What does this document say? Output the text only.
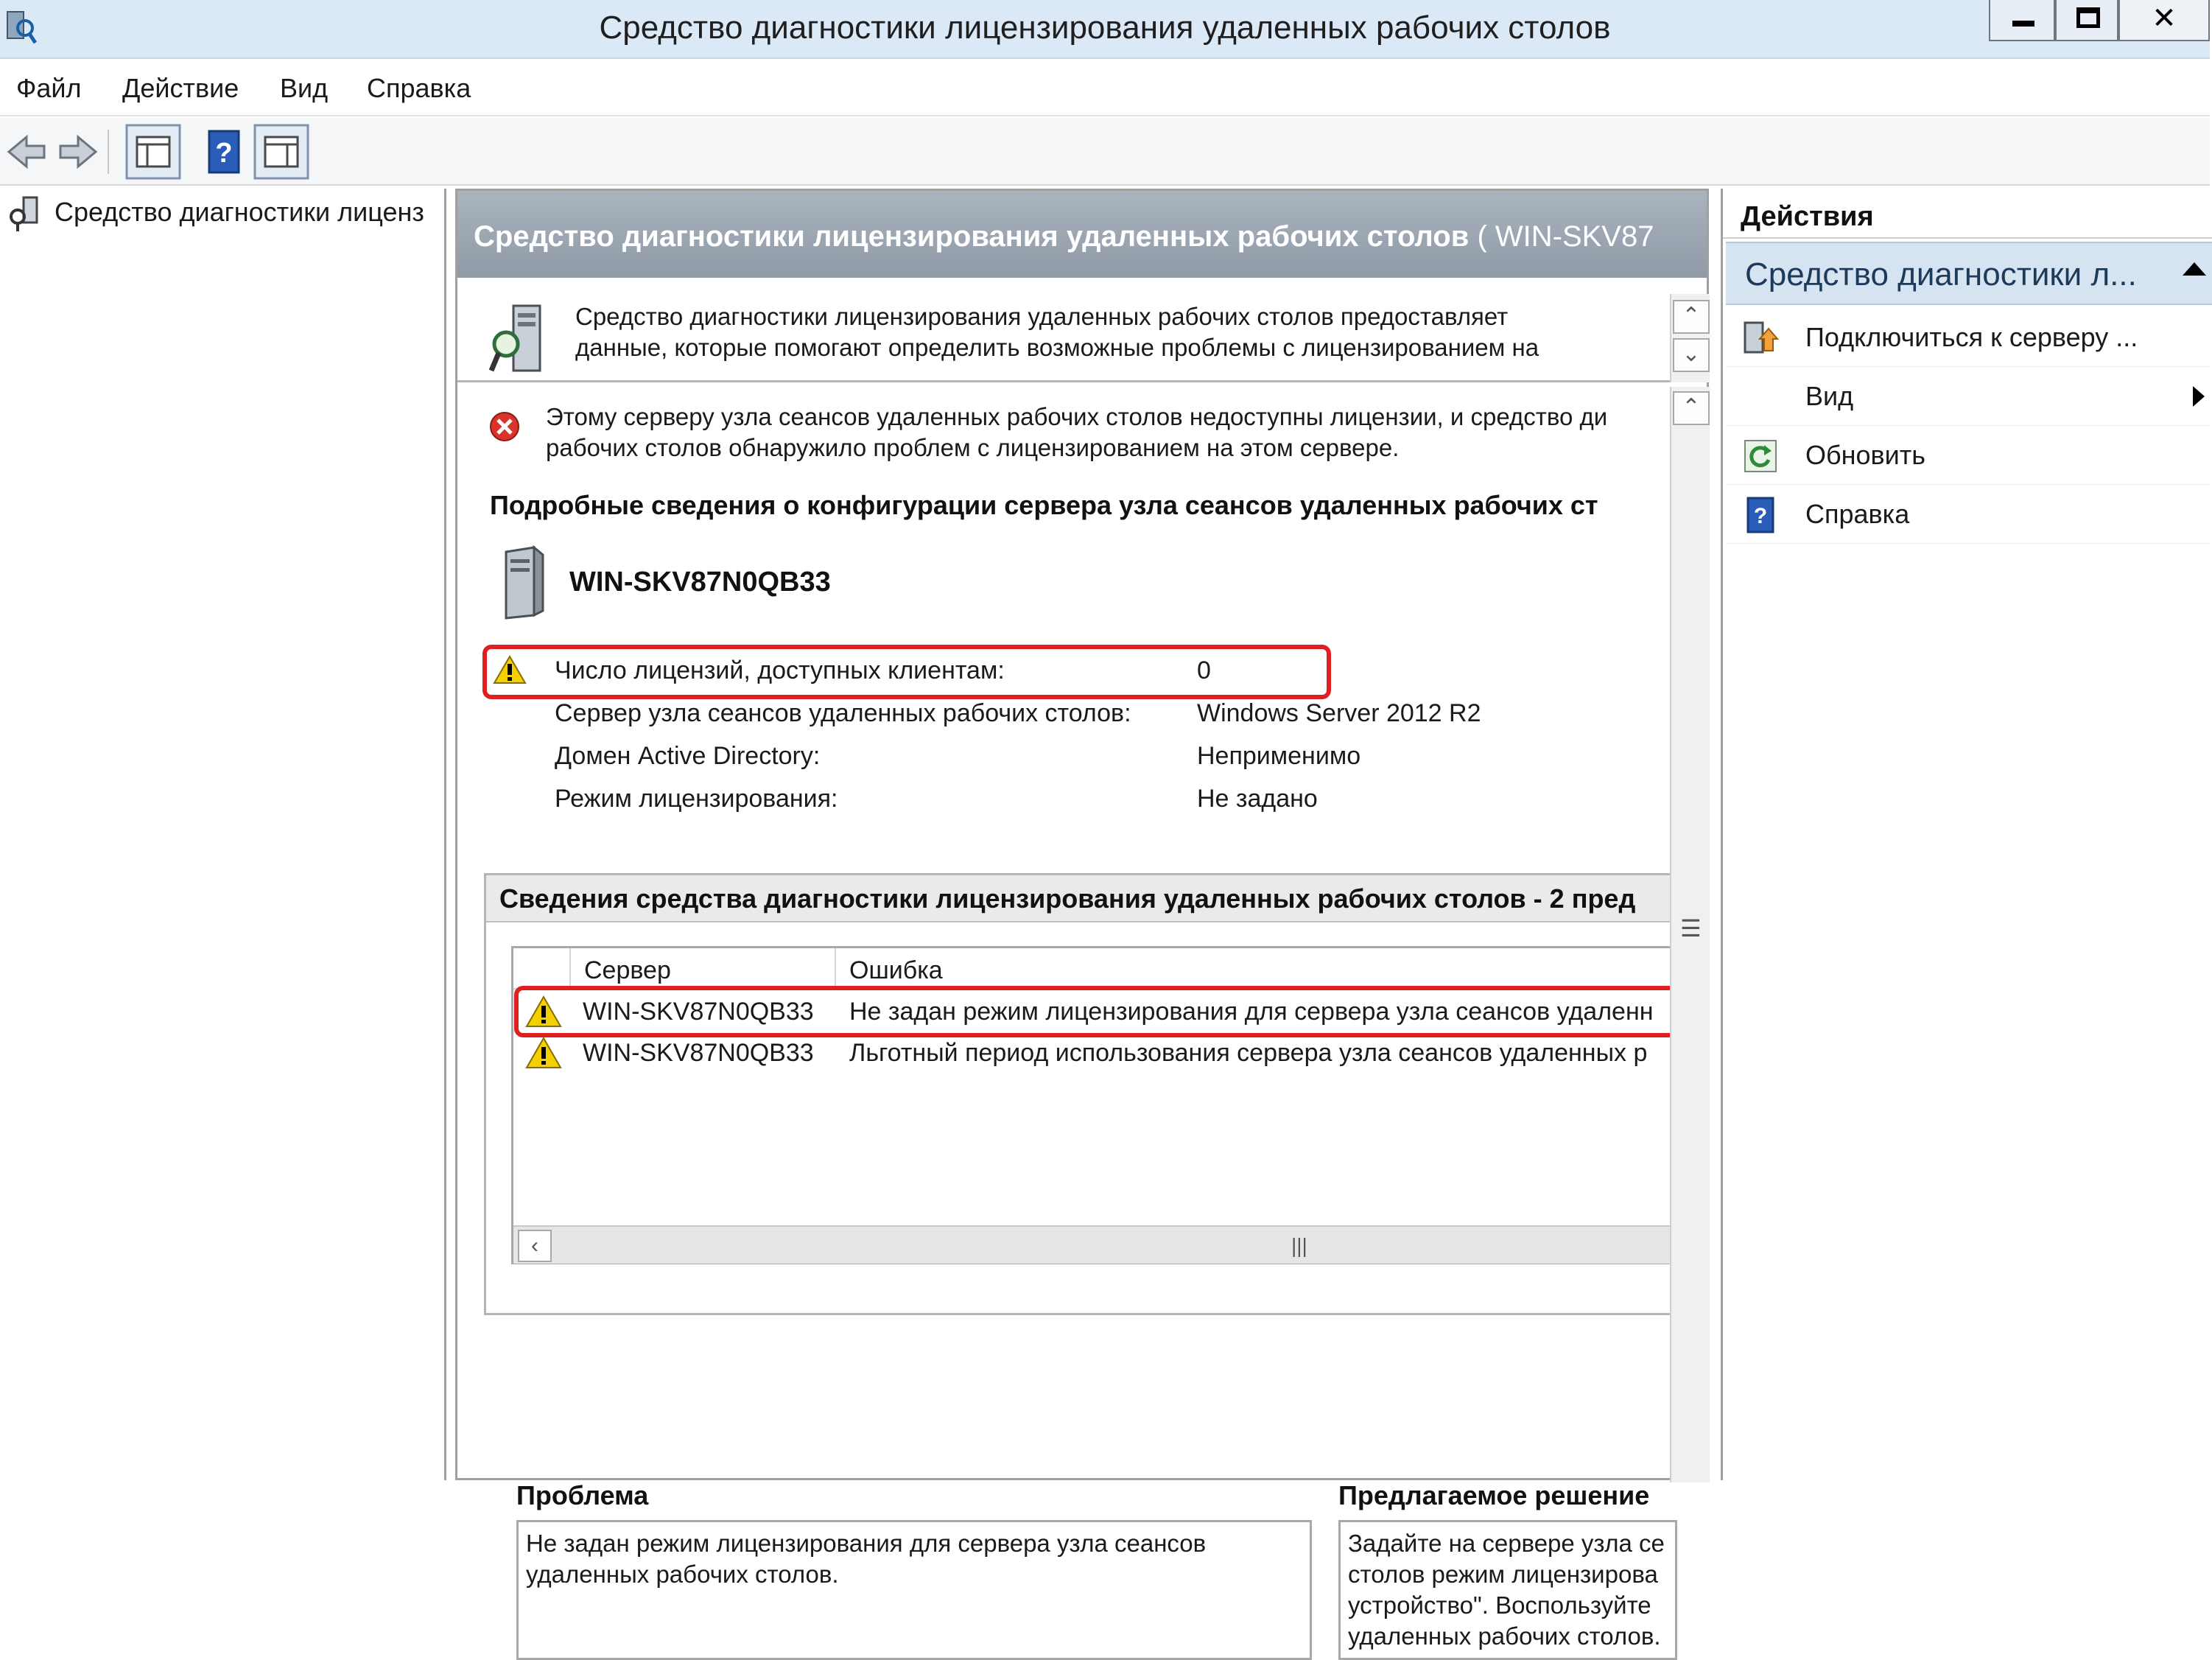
Средство диагностики лицензирования удаленных рабочих столов	✕
Файл Действие Вид Справка
?
Средство диагностики лиценз
Средство диагностики лицензирования удаленных рабочих столов ( WIN-SKV87
Средство диагностики лицензирования удаленных рабочих столов предоставляет
данные, которые помогают определить возможные проблемы с лицензированием на
⌃
⌄
Этому серверу узла сеансов удаленных рабочих столов недоступны лицензии, и средство ди
рабочих столов обнаружило проблем с лицензированием на этом сервере.
Подробные сведения о конфигурации сервера узла сеансов удаленных рабочих ст
WIN-SKV87N0QB33
Число лицензий, доступных клиентам:	0
Сервер узла сеансов удаленных рабочих столов:	Windows Server 2012 R2
Домен Active Directory:	Неприменимо
Режим лицензирования:	Не задано
Сведения средства диагностики лицензирования удаленных рабочих столов - 2 пред
Сервер	Ошибка
WIN-SKV87N0QB33 Не задан режим лицензирования для сервера узла сеансов удаленн
WIN-SKV87N0QB33 Льготный период использования сервера узла сеансов удаленных р
‹	|||
Проблема
Не задан режим лицензирования для сервера узла сеансов
удаленных рабочих столов.
Предлагаемое решение
Задайте на сервере узла се
столов режим лицензирова
устройство". Воспользуйте
удаленных рабочих столов.
⌃
☰
Действия
Средство диагностики л...
Подключиться к серверу ...
Вид
Обновить
? Справка
